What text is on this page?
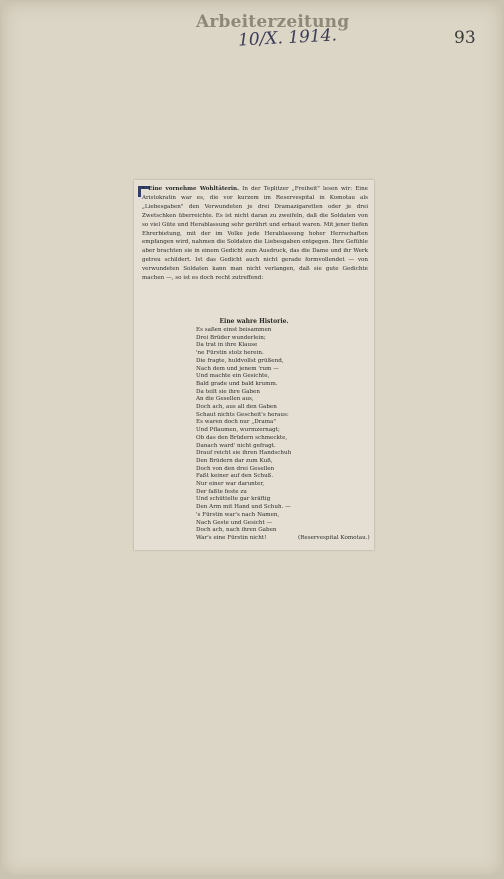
Arbeiterzeitung
10/X. 1914.	93
* Eine vornehme Wohltäterin. In der Teplitzer „Freiheit" lesen wir: Eine Aristokratin war es, die vor kurzem im Reservespital in Komotau als „Liebesgaben" den Verwundeten je drei Dramazigaretten oder je drei Zwetschken überreichte. Es ist nicht daran zu zweifeln, daß die Soldaten von so viel Güte und Herablassung sehr gerührt und erbaut waren. Mit jener tiefen Ehrerbietung, mit der im Volke jede Herablassung hoher Herrschaften empfangen wird, nahmen die Soldaten die Liebesgaben entgegen. Ihre Gefühle aber brachten sie in einem Gedicht zum Ausdruck, das die Dame und ihr Werk getreu schildert. Ist das Gedicht auch nicht gerade formvollendet — von verwundeten Soldaten kann man nicht verlangen, daß sie gute Gedichte machen —, so ist es doch recht zutreffend:
Eine wahre Historie.
Es saßen einst beisammen
Drei Brüder wunderlein;
Da trat in ihre Klause
'ne Fürstin stolz herein.
Die fragte, huldvollst grüßend,
Nach dem und jenem 'rum —
Und machte ein Gesichte,
Bald grade und bald krumm.
Da teilt sie ihre Gaben
An die Gesellen aus,
Doch ach, aus all den Gaben
Schaut nichts Gescheit's heraus:
Es waren doch nur „Drama"
Und Pflaumen, wurmzernagt;
Ob das den Brüdern schmeckte,
Danach ward' nicht gefragt.
Drauf reicht sie ihren Handschuh
Den Brüdern dar zum Kuß,
Doch von den drei Gesellen
Faßt keiner auf den Schuß.
Nur einer war darunter,
Der faßte feste zu
Und schüttelte gar kräftig
Den Arm mit Hand und Schuh. —
's Fürstin war's nach Namen,
Nach Geste und Gesicht —
Doch ach, nach ihren Gaben
War's eine Fürstin nicht!	(Reservespital Komotau.)
